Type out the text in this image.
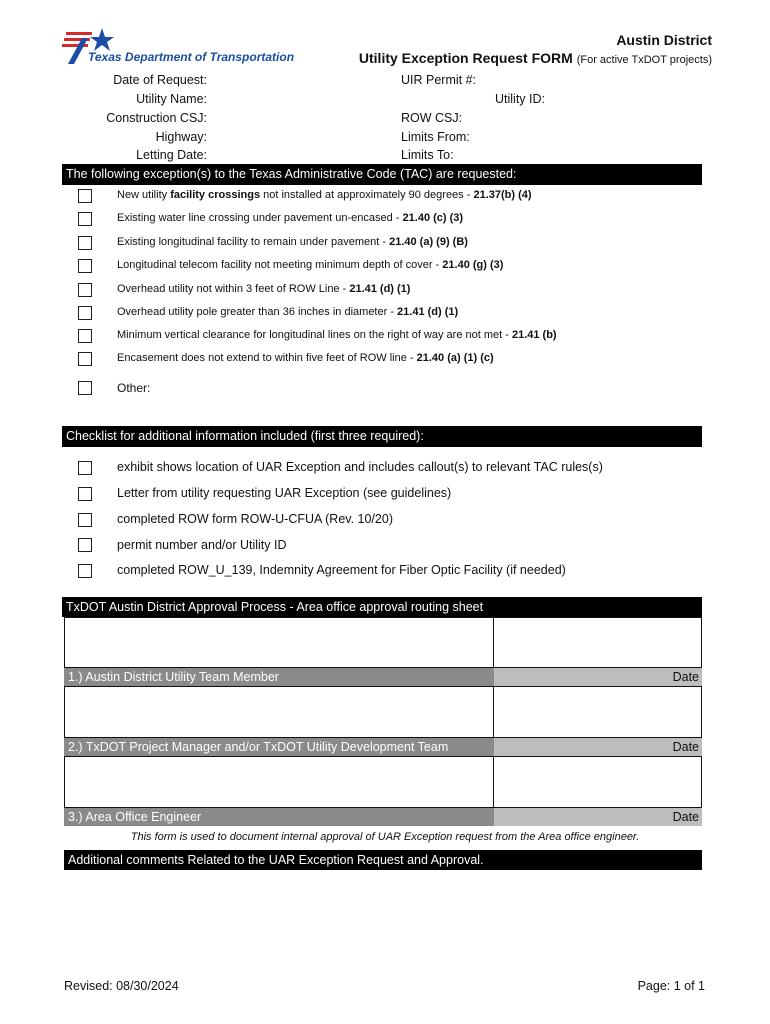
Texas Department of Transportation
Austin District
Utility Exception Request FORM (For active TxDOT projects)
Date of Request:
Utility Name:
Construction CSJ:
Highway:
Letting Date:
UIR Permit #:
Utility ID:
ROW CSJ:
Limits From:
Limits To:
The following exception(s) to the Texas Administrative Code (TAC) are requested:
New utility facility crossings not installed at approximately 90 degrees - 21.37(b) (4)
Existing water line crossing under pavement un-encased - 21.40 (c) (3)
Existing longitudinal facility to remain under pavement - 21.40 (a) (9) (B)
Longitudinal telecom facility not meeting minimum depth of cover - 21.40 (g) (3)
Overhead utility not within 3 feet of ROW Line - 21.41 (d) (1)
Overhead utility pole greater than 36 inches in diameter - 21.41 (d) (1)
Minimum vertical clearance for longitudinal lines on the right of way are not met - 21.41 (b)
Encasement does not extend to within five feet of ROW line - 21.40 (a) (1) (c)
Other:
Checklist for additional information included (first three required):
exhibit shows location of UAR Exception and includes callout(s) to relevant TAC rules(s)
Letter from utility requesting UAR Exception (see guidelines)
completed ROW form ROW-U-CFUA (Rev. 10/20)
permit number and/or Utility ID
completed ROW_U_139, Indemnity Agreement for Fiber Optic Facility (if needed)
TxDOT Austin District Approval Process - Area office approval routing sheet
1.) Austin District Utility Team Member	Date
2.) TxDOT Project Manager and/or TxDOT Utility Development Team	Date
3.) Area Office Engineer	Date
This form is used to document internal approval of UAR Exception request from the Area office engineer.
Additional comments Related to the UAR Exception Request and Approval.
Revised: 08/30/2024	Page: 1 of 1
